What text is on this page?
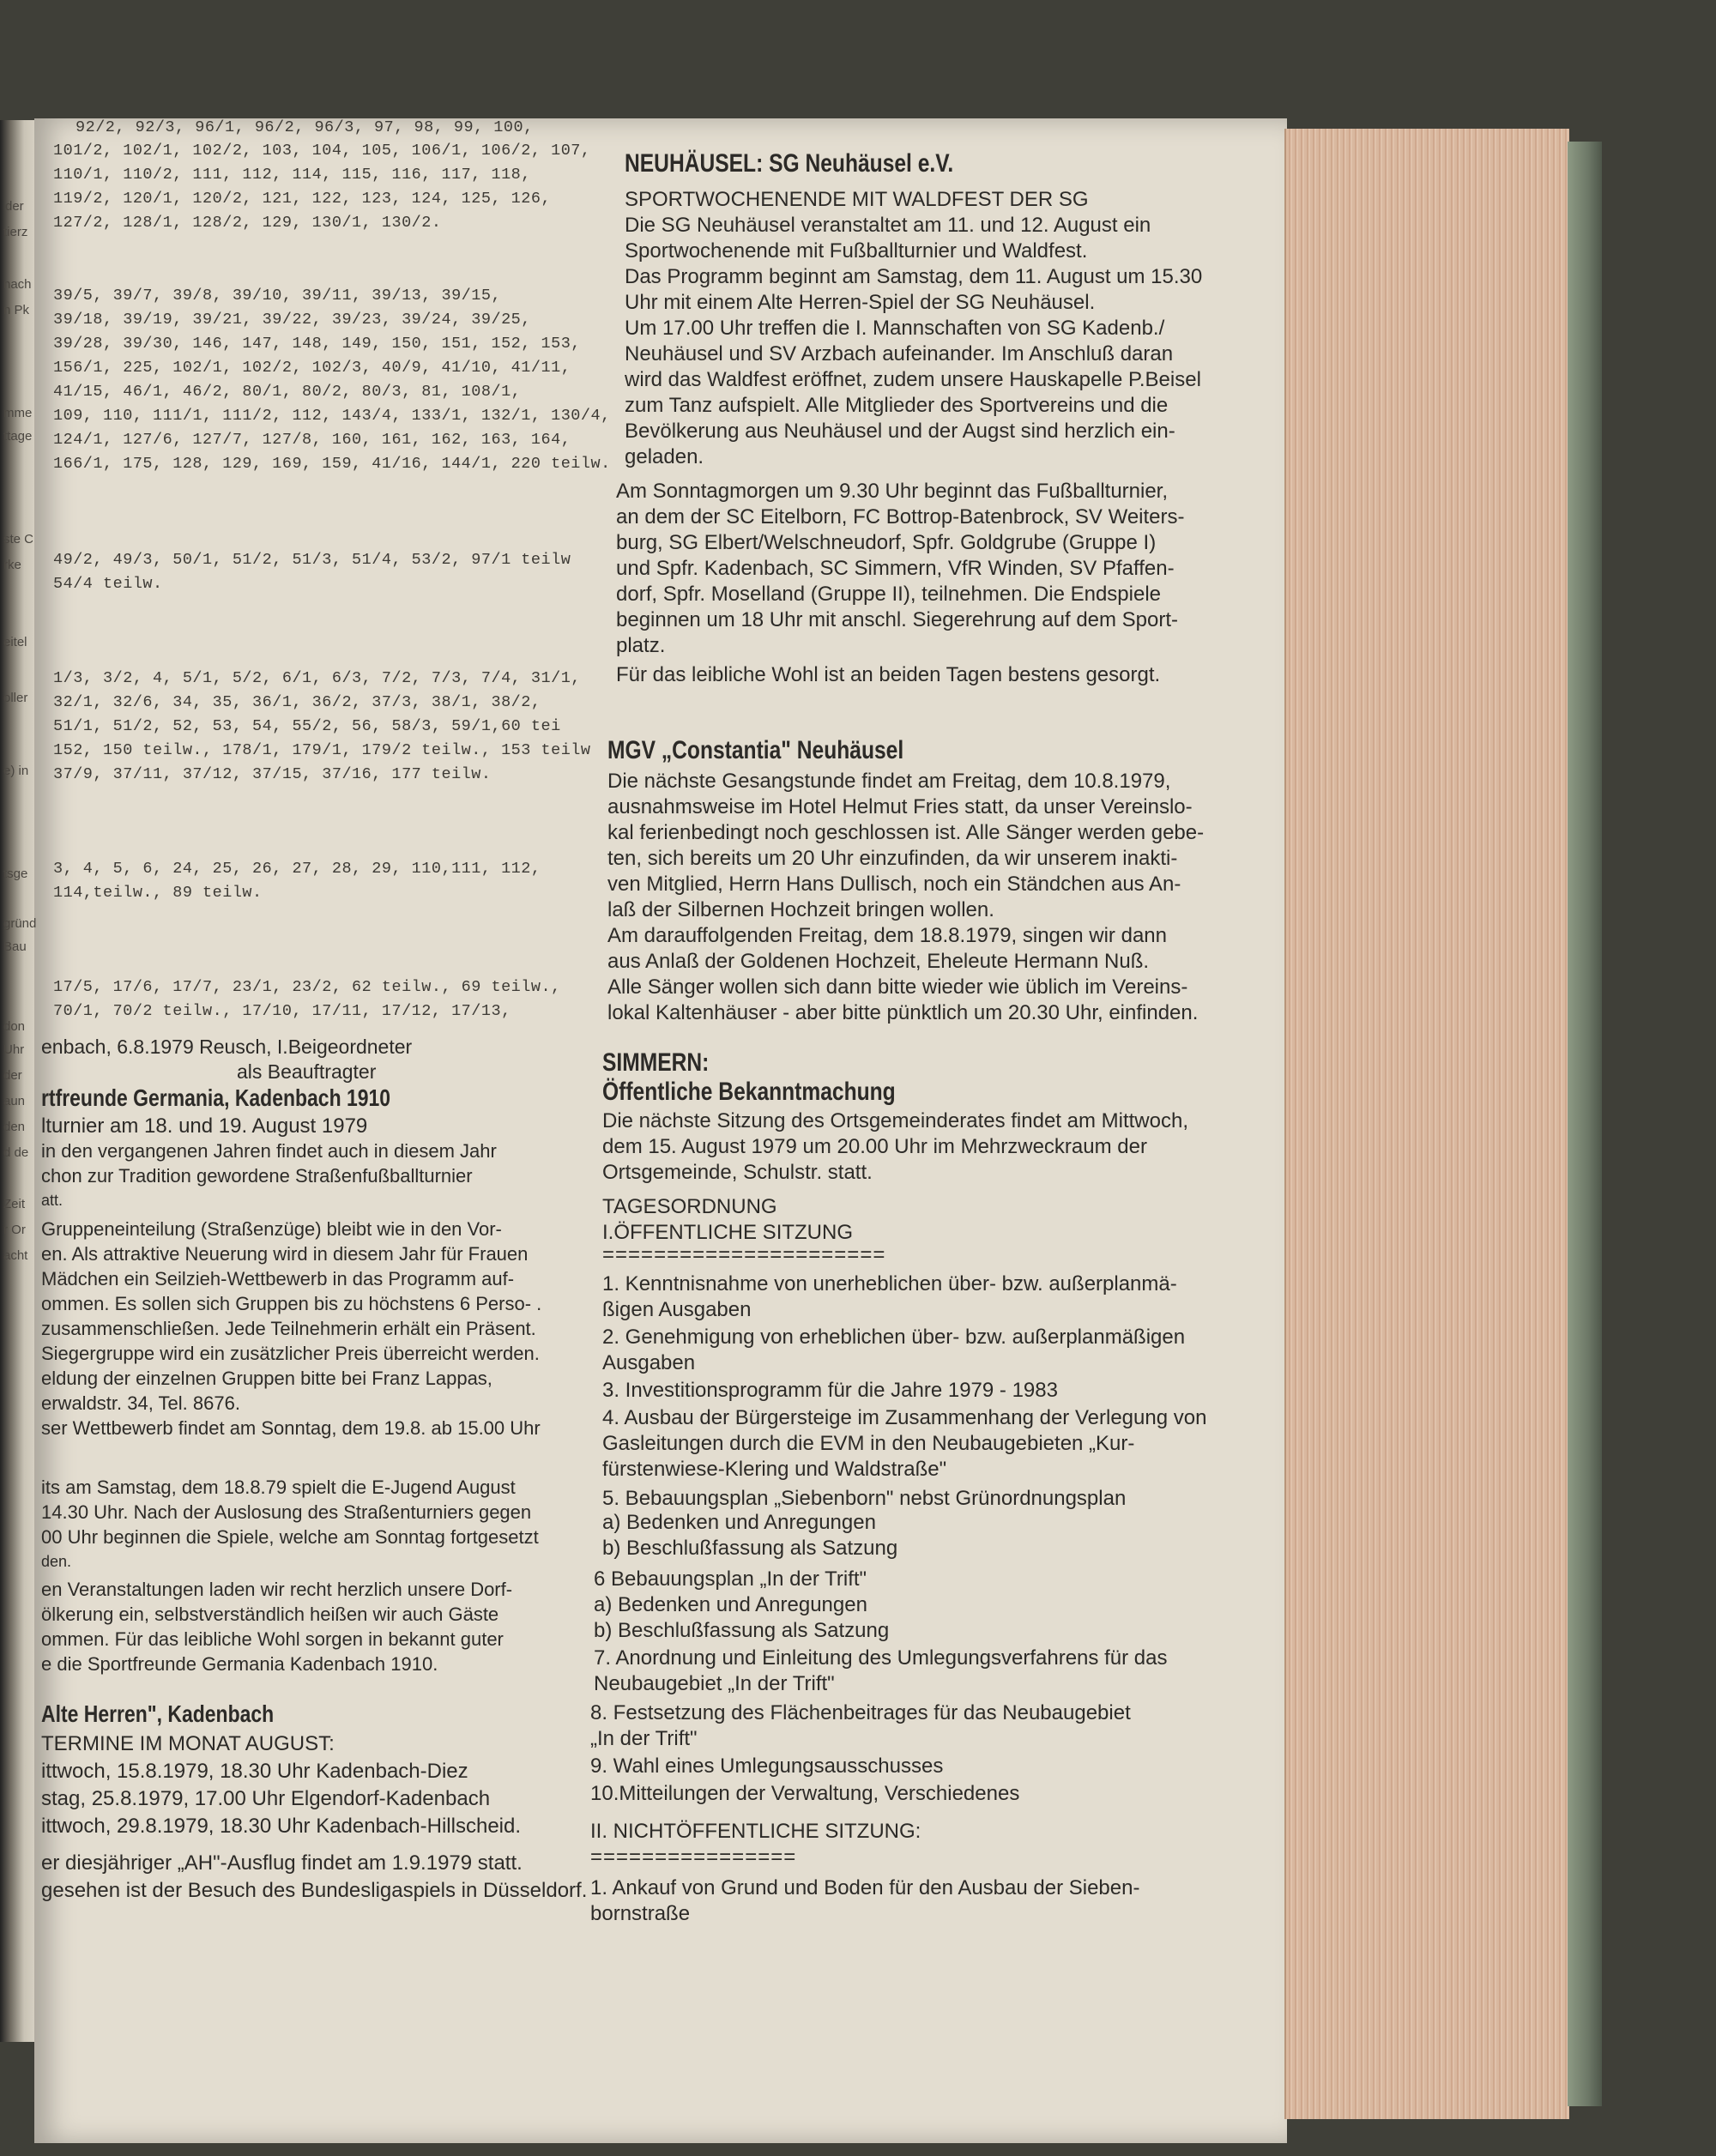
der
tierz
nach
n Pk
mme
ttage
ste C
rke
eitel
oller
e) in
tsge
gründ
Bau
don
Uhr
der
aun
den
d de
Zeit
r Or
acht
92/2, 92/3, 96/1, 96/2, 96/3, 97, 98, 99, 100,
101/2, 102/1, 102/2, 103, 104, 105, 106/1, 106/2, 107,
110/1, 110/2, 111, 112, 114, 115, 116, 117, 118,
119/2, 120/1, 120/2, 121, 122, 123, 124, 125, 126,
127/2, 128/1, 128/2, 129, 130/1, 130/2.
39/5, 39/7, 39/8, 39/10, 39/11, 39/13, 39/15,
39/18, 39/19, 39/21, 39/22, 39/23, 39/24, 39/25,
39/28, 39/30, 146, 147, 148, 149, 150, 151, 152, 153,
156/1, 225, 102/1, 102/2, 102/3, 40/9, 41/10, 41/11,
41/15, 46/1, 46/2, 80/1, 80/2, 80/3, 81, 108/1,
109, 110, 111/1, 111/2, 112, 143/4, 133/1, 132/1, 130/4,
124/1, 127/6, 127/7, 127/8, 160, 161, 162, 163, 164,
166/1, 175, 128, 129, 169, 159, 41/16, 144/1, 220 teilw.
49/2, 49/3, 50/1, 51/2, 51/3, 51/4, 53/2, 97/1 teilw
54/4 teilw.
1/3, 3/2, 4, 5/1, 5/2, 6/1, 6/3, 7/2, 7/3, 7/4, 31/1,
32/1, 32/6, 34, 35, 36/1, 36/2, 37/3, 38/1, 38/2,
51/1, 51/2, 52, 53, 54, 55/2, 56, 58/3, 59/1,60 tei
152, 150 teilw., 178/1, 179/1, 179/2 teilw., 153 teilw
37/9, 37/11, 37/12, 37/15, 37/16, 177 teilw.
3, 4, 5, 6, 24, 25, 26, 27, 28, 29, 110,111, 112,
114,teilw., 89 teilw.
17/5, 17/6, 17/7, 23/1, 23/2, 62 teilw., 69 teilw.,
70/1, 70/2 teilw., 17/10, 17/11, 17/12, 17/13,
enbach, 6.8.1979 Reusch, I.Beigeordneter
als Beauftragter
rtfreunde Germania, Kadenbach 1910
lturnier am 18. und 19. August 1979
in den vergangenen Jahren findet auch in diesem Jahr
chon zur Tradition gewordene Straßenfußballturnier
att.
Gruppeneinteilung (Straßenzüge) bleibt wie in den Vor-
en. Als attraktive Neuerung wird in diesem Jahr für Frauen
Mädchen ein Seilzieh-Wettbewerb in das Programm auf-
ommen. Es sollen sich Gruppen bis zu höchstens 6 Perso- .
zusammenschließen. Jede Teilnehmerin erhält ein Präsent.
Siegergruppe wird ein zusätzlicher Preis überreicht werden.
eldung der einzelnen Gruppen bitte bei Franz Lappas,
erwaldstr. 34, Tel. 8676.
ser Wettbewerb findet am Sonntag, dem 19.8. ab 15.00 Uhr
its am Samstag, dem 18.8.79 spielt die E-Jugend August
14.30 Uhr. Nach der Auslosung des Straßenturniers gegen
00 Uhr beginnen die Spiele, welche am Sonntag fortgesetzt
den.
en Veranstaltungen laden wir recht herzlich unsere Dorf-
ölkerung ein, selbstverständlich heißen wir auch Gäste
ommen. Für das leibliche Wohl sorgen in bekannt guter
e die Sportfreunde Germania Kadenbach 1910.
Alte Herren", Kadenbach
TERMINE IM MONAT AUGUST:
ittwoch, 15.8.1979, 18.30 Uhr Kadenbach-Diez
stag, 25.8.1979, 17.00 Uhr Elgendorf-Kadenbach
ittwoch, 29.8.1979, 18.30 Uhr Kadenbach-Hillscheid.
er diesjähriger „AH"-Ausflug findet am 1.9.1979 statt.
gesehen ist der Besuch des Bundesligaspiels in Düsseldorf.
NEUHÄUSEL: SG Neuhäusel e.V.
SPORTWOCHENENDE MIT WALDFEST DER SG
Die SG Neuhäusel veranstaltet am 11. und 12. August ein
Sportwochenende mit Fußballturnier und Waldfest.
Das Programm beginnt am Samstag, dem 11. August um 15.30
Uhr mit einem Alte Herren-Spiel der SG Neuhäusel.
Um 17.00 Uhr treffen die I. Mannschaften von SG Kadenb./
Neuhäusel und SV Arzbach aufeinander. Im Anschluß daran
wird das Waldfest eröffnet, zudem unsere Hauskapelle P.Beisel
zum Tanz aufspielt. Alle Mitglieder des Sportvereins und die
Bevölkerung aus Neuhäusel und der Augst sind herzlich ein-
geladen.
Am Sonntagmorgen um 9.30 Uhr beginnt das Fußballturnier,
an dem der SC Eitelborn, FC Bottrop-Batenbrock, SV Weiters-
burg, SG Elbert/Welschneudorf, Spfr. Goldgrube (Gruppe I)
und Spfr. Kadenbach, SC Simmern, VfR Winden, SV Pfaffen-
dorf, Spfr. Moselland (Gruppe II), teilnehmen. Die Endspiele
beginnen um 18 Uhr mit anschl. Siegerehrung auf dem Sport-
platz.
Für das leibliche Wohl ist an beiden Tagen bestens gesorgt.
MGV „Constantia" Neuhäusel
Die nächste Gesangstunde findet am Freitag, dem 10.8.1979,
ausnahmsweise im Hotel Helmut Fries statt, da unser Vereinslo-
kal ferienbedingt noch geschlossen ist. Alle Sänger werden gebe-
ten, sich bereits um 20 Uhr einzufinden, da wir unserem inakti-
ven Mitglied, Herrn Hans Dullisch, noch ein Ständchen aus An-
laß der Silbernen Hochzeit bringen wollen.
Am darauffolgenden Freitag, dem 18.8.1979, singen wir dann
aus Anlaß der Goldenen Hochzeit, Eheleute Hermann Nuß.
Alle Sänger wollen sich dann bitte wieder wie üblich im Vereins-
lokal Kaltenhäuser - aber bitte pünktlich um 20.30 Uhr, einfinden.
SIMMERN:
Öffentliche Bekanntmachung
Die nächste Sitzung des Ortsgemeinderates findet am Mittwoch,
dem 15. August 1979 um 20.00 Uhr im Mehrzweckraum der
Ortsgemeinde, Schulstr. statt.
TAGESORDNUNG
I.ÖFFENTLICHE SITZUNG
======================
1. Kenntnisnahme von unerheblichen über- bzw. außerplanmä-
ßigen Ausgaben
2. Genehmigung von erheblichen über- bzw. außerplanmäßigen
Ausgaben
3. Investitionsprogramm für die Jahre 1979 - 1983
4. Ausbau der Bürgersteige im Zusammenhang der Verlegung von
Gasleitungen durch die EVM in den Neubaugebieten „Kur-
fürstenwiese-Klering und Waldstraße"
5. Bebauungsplan „Siebenborn" nebst Grünordnungsplan
a) Bedenken und Anregungen
b) Beschlußfassung als Satzung
6 Bebauungsplan „In der Trift"
a) Bedenken und Anregungen
b) Beschlußfassung als Satzung
7. Anordnung und Einleitung des Umlegungsverfahrens für das
Neubaugebiet „In der Trift"
8. Festsetzung des Flächenbeitrages für das Neubaugebiet
„In der Trift"
9. Wahl eines Umlegungsausschusses
10.Mitteilungen der Verwaltung, Verschiedenes
II. NICHTÖFFENTLICHE SITZUNG:
================
1. Ankauf von Grund und Boden für den Ausbau der Sieben-
bornstraße
